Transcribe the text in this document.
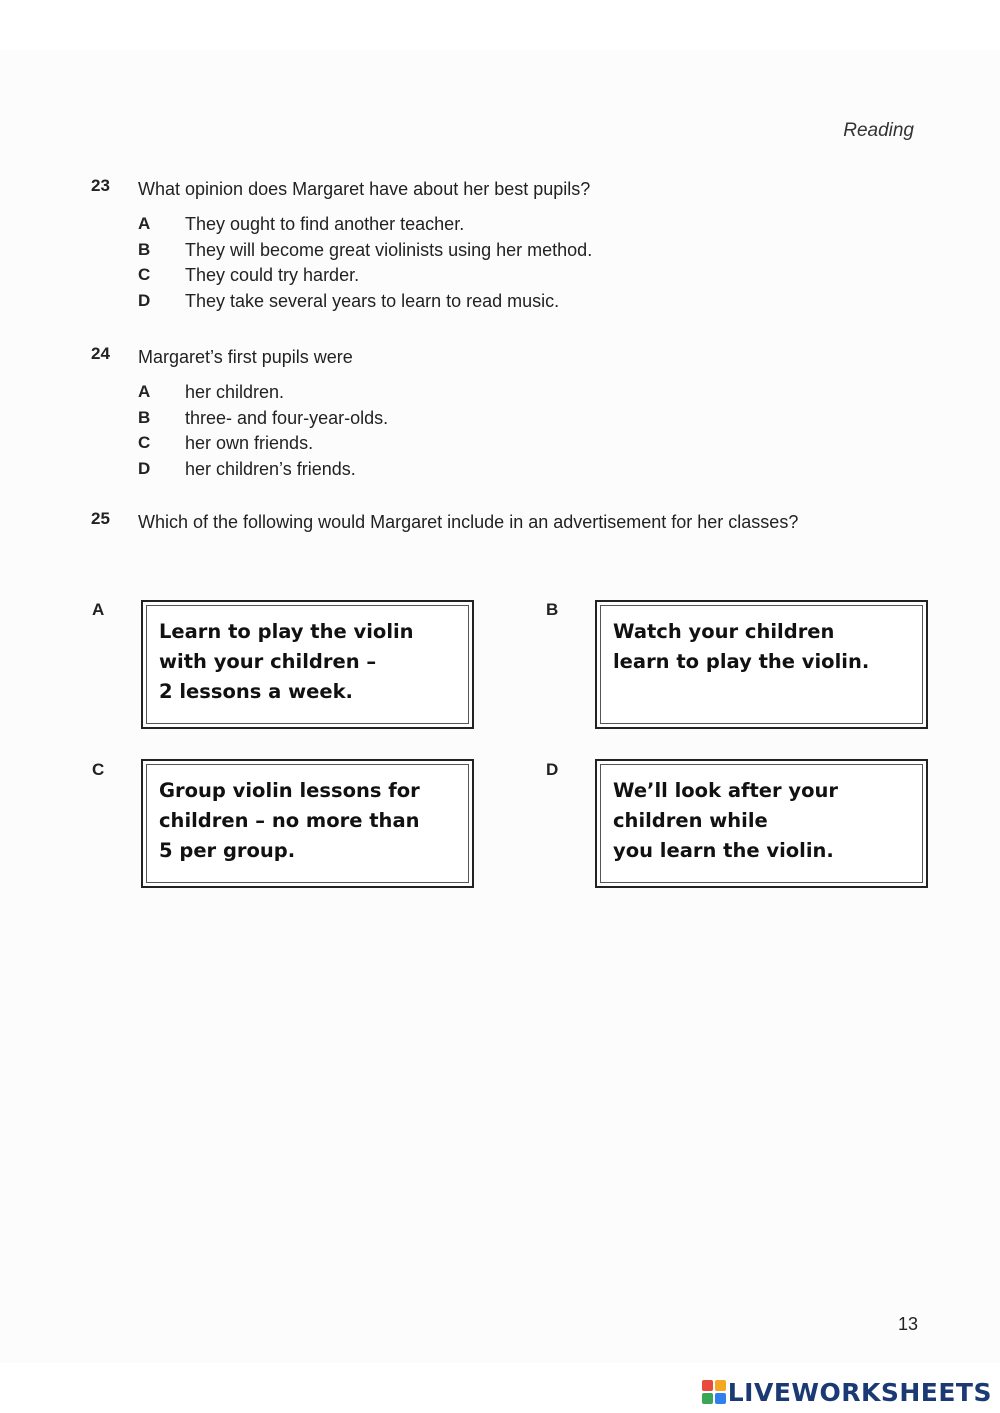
Reading
23 What opinion does Margaret have about her best pupils?
A They ought to find another teacher.
B They will become great violinists using her method.
C They could try harder.
D They take several years to learn to read music.
24 Margaret’s first pupils were
A her children.
B three- and four-year-olds.
C her own friends.
D her children’s friends.
25 Which of the following would Margaret include in an advertisement for her classes?
A
Learn to play the violin
with your children –
2 lessons a week.
B
Watch your children
learn to play the violin.
C
Group violin lessons for
children – no more than
5 per group.
D
We’ll look after your
children while
you learn the violin.
13
LIVEWORKSHEETS
